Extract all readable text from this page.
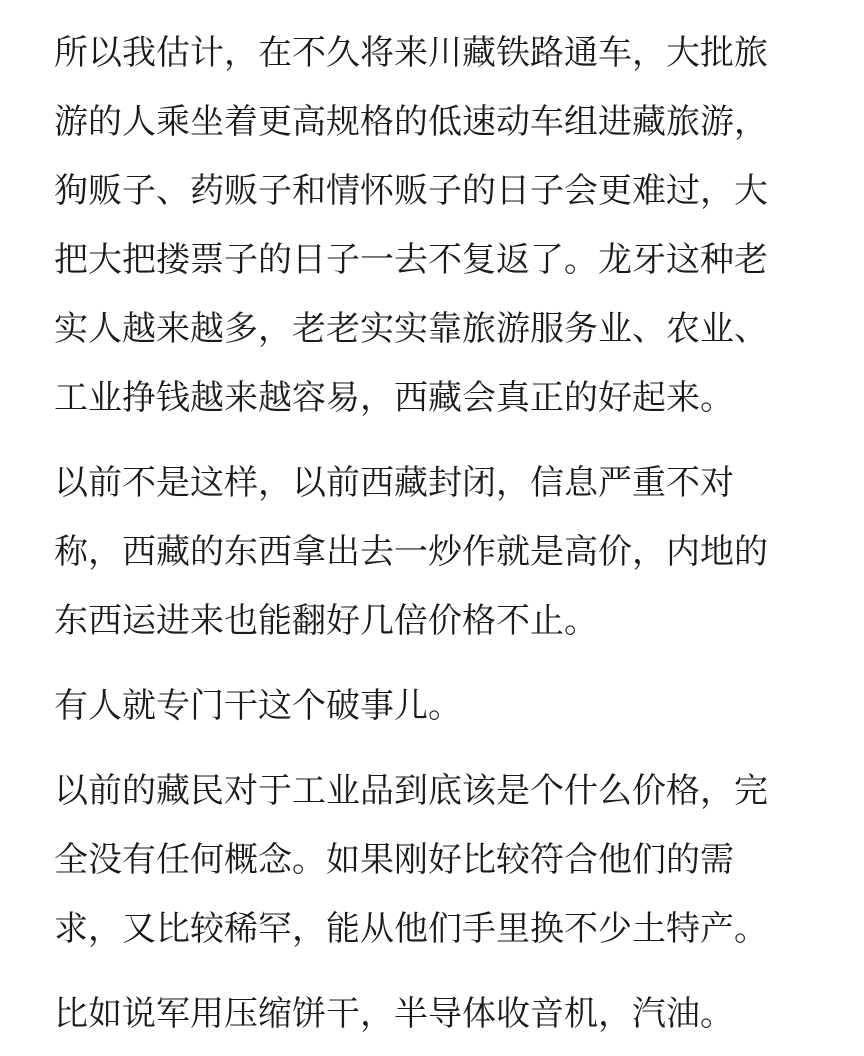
所以我估计，在不久将来川藏铁路通车，大批旅
游的人乘坐着更高规格的低速动车组进藏旅游，
狗贩子、药贩子和情怀贩子的日子会更难过，大
把大把搂票子的日子一去不复返了。龙牙这种老
实人越来越多，老老实实靠旅游服务业、农业、
工业挣钱越来越容易，西藏会真正的好起来。
以前不是这样，以前西藏封闭，信息严重不对
称，西藏的东西拿出去一炒作就是高价，内地的
东西运进来也能翻好几倍价格不止。
有人就专门干这个破事儿。
以前的藏民对于工业品到底该是个什么价格，完
全没有任何概念。如果刚好比较符合他们的需
求，又比较稀罕，能从他们手里换不少土特产。
比如说军用压缩饼干，半导体收音机，汽油。
